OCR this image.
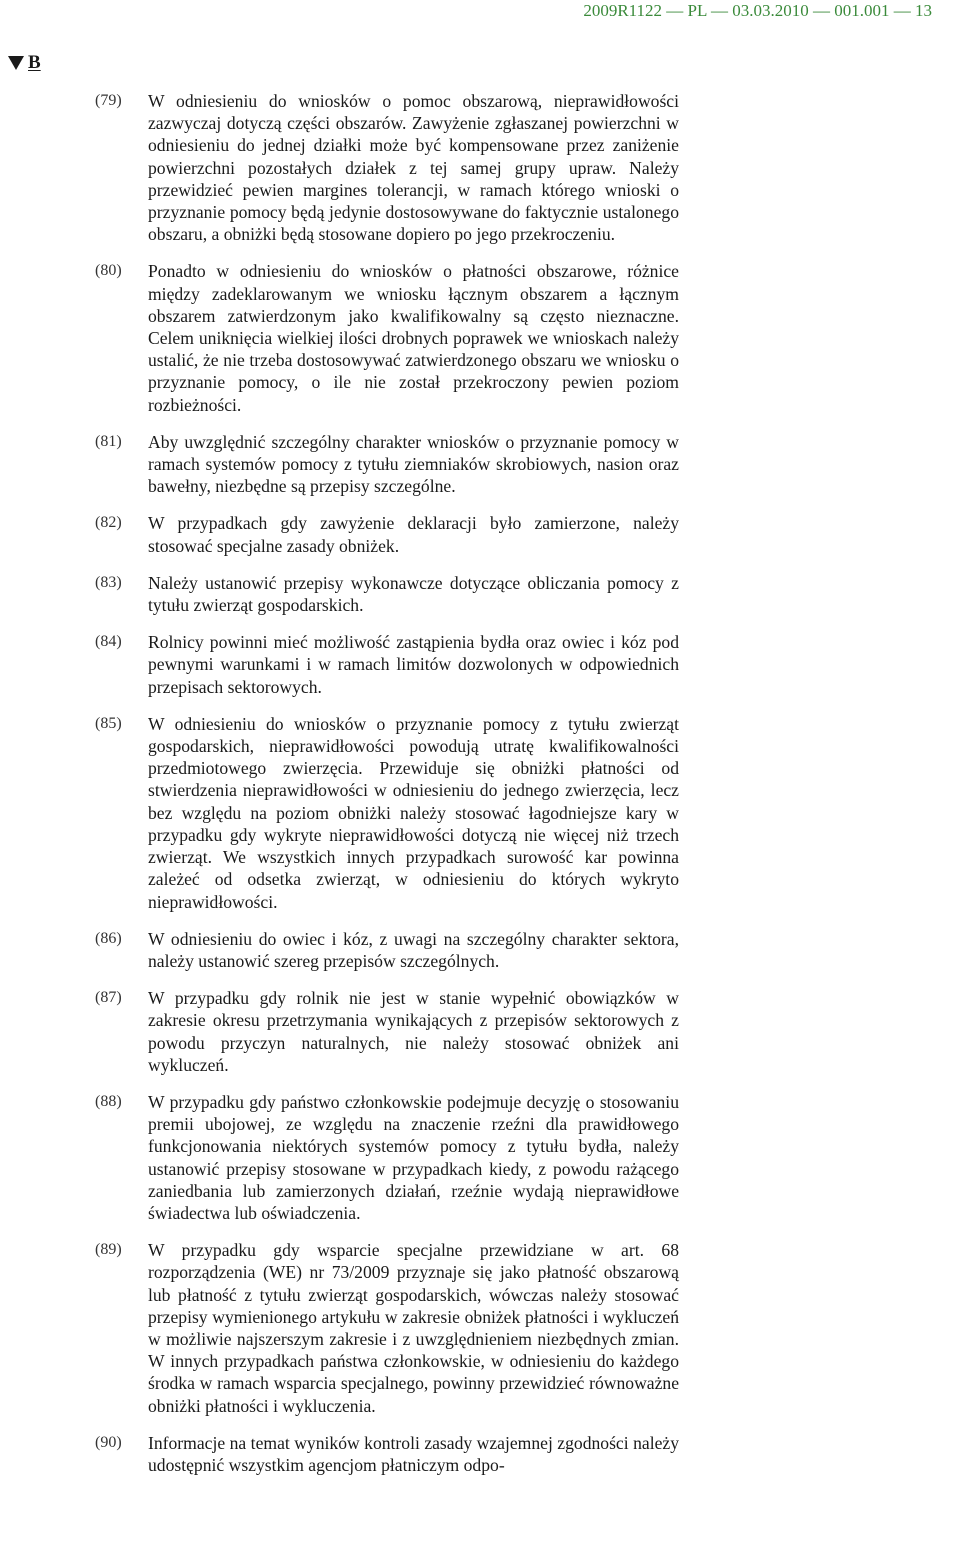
2009R1122 — PL — 03.03.2010 — 001.001 — 13
B
(79) W odniesieniu do wniosków o pomoc obszarową, nieprawidłowości zazwyczaj dotyczą części obszarów. Zawyżenie zgłaszanej powierzchni w odniesieniu do jednej działki może być kompensowane przez zaniżenie powierzchni pozostałych działek z tej samej grupy upraw. Należy przewidzieć pewien margines tolerancji, w ramach którego wnioski o przyznanie pomocy będą jedynie dostosowywane do faktycznie ustalonego obszaru, a obniżki będą stosowane dopiero po jego przekroczeniu.
(80) Ponadto w odniesieniu do wniosków o płatności obszarowe, różnice między zadeklarowanym we wniosku łącznym obszarem a łącznym obszarem zatwierdzonym jako kwalifikowalny są często nieznaczne. Celem uniknięcia wielkiej ilości drobnych poprawek we wnioskach należy ustalić, że nie trzeba dostosowywać zatwierdzonego obszaru we wniosku o przyznanie pomocy, o ile nie został przekroczony pewien poziom rozbieżności.
(81) Aby uwzględnić szczególny charakter wniosków o przyznanie pomocy w ramach systemów pomocy z tytułu ziemniaków skrobiowych, nasion oraz bawełny, niezbędne są przepisy szczególne.
(82) W przypadkach gdy zawyżenie deklaracji było zamierzone, należy stosować specjalne zasady obniżek.
(83) Należy ustanowić przepisy wykonawcze dotyczące obliczania pomocy z tytułu zwierząt gospodarskich.
(84) Rolnicy powinni mieć możliwość zastąpienia bydła oraz owiec i kóz pod pewnymi warunkami i w ramach limitów dozwolonych w odpowiednich przepisach sektorowych.
(85) W odniesieniu do wniosków o przyznanie pomocy z tytułu zwierząt gospodarskich, nieprawidłowości powodują utratę kwalifikowalności przedmiotowego zwierzęcia. Przewiduje się obniżki płatności od stwierdzenia nieprawidłowości w odniesieniu do jednego zwierzęcia, lecz bez względu na poziom obniżki należy stosować łagodniejsze kary w przypadku gdy wykryte nieprawidłowości dotyczą nie więcej niż trzech zwierząt. We wszystkich innych przypadkach surowość kar powinna zależeć od odsetka zwierząt, w odniesieniu do których wykryto nieprawidłowości.
(86) W odniesieniu do owiec i kóz, z uwagi na szczególny charakter sektora, należy ustanowić szereg przepisów szczególnych.
(87) W przypadku gdy rolnik nie jest w stanie wypełnić obowiązków w zakresie okresu przetrzymania wynikających z przepisów sektorowych z powodu przyczyn naturalnych, nie należy stosować obniżek ani wykluczeń.
(88) W przypadku gdy państwo członkowskie podejmuje decyzję o stosowaniu premii ubojowej, ze względu na znaczenie rzeźni dla prawidłowego funkcjonowania niektórych systemów pomocy z tytułu bydła, należy ustanowić przepisy stosowane w przypadkach kiedy, z powodu rażącego zaniedbania lub zamierzonych działań, rzeźnie wydają nieprawidłowe świadectwa lub oświadczenia.
(89) W przypadku gdy wsparcie specjalne przewidziane w art. 68 rozporządzenia (WE) nr 73/2009 przyznaje się jako płatność obszarową lub płatność z tytułu zwierząt gospodarskich, wówczas należy stosować przepisy wymienionego artykułu w zakresie obniżek płatności i wykluczeń w możliwie najszerszym zakresie i z uwzględnieniem niezbędnych zmian. W innych przypadkach państwa członkowskie, w odniesieniu do każdego środka w ramach wsparcia specjalnego, powinny przewidzieć równoważne obniżki płatności i wykluczenia.
(90) Informacje na temat wyników kontroli zasady wzajemnej zgodności należy udostępnić wszystkim agencjom płatniczym odpo-
